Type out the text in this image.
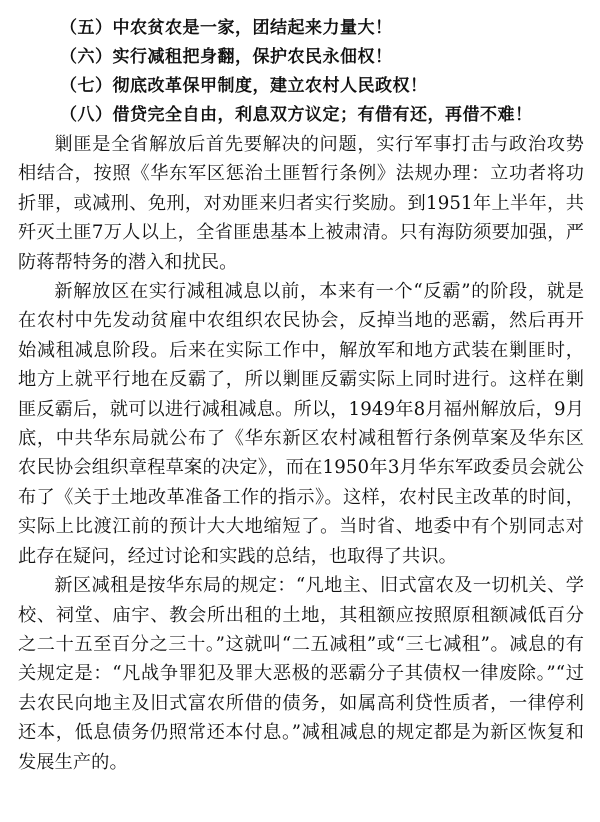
（五）中农贫农是一家，团结起来力量大！
（六）实行减租把身翻，保护农民永佃权！
（七）彻底改革保甲制度，建立农村人民政权！
（八）借贷完全自由，利息双方议定；有借有还，再借不难！

剿匪是全省解放后首先要解决的问题，实行军事打击与政治攻势相结合，按照《华东军区惩治土匪暂行条例》法规办理：立功者将功折罪，或减刑、免刑，对劝匪来归者实行奖励。到1951年上半年，共歼灭土匪7万人以上，全省匪患基本上被肃清。只有海防须要加强，严防蒋帮特务的潜入和扰民。

新解放区在实行减租减息以前，本来有一个“反霸”的阶段，就是在农村中先发动贫雇中农组织农民协会，反掉当地的恶霸，然后再开始减租减息阶段。后来在实际工作中，解放军和地方武装在剿匪时，地方上就平行地在反霸了，所以剿匪反霸实际上同时进行。这样在剿匪反霸后，就可以进行减租减息。所以，1949年8月福州解放后，9月底，中共华东局就公布了《华东新区农村减租暂行条例草案及华东区农民协会组织章程草案的决定》，而在1950年3月华东军政委员会就公布了《关于土地改革准备工作的指示》。这样，农村民主改革的时间，实际上比渡江前的预计大大地缩短了。当时省、地委中有个别同志对此存在疑问，经过讨论和实践的总结，也取得了共识。

新区减租是按华东局的规定：“凡地主、旧式富农及一切机关、学校、祠堂、庙宇、教会所出租的土地，其租额应按照原租额减低百分之二十五至百分之三十。”这就叫“二五减租”或“三七减租”。减息的有关规定是：“凡战争罪犯及罪大恶极的恶霸分子其债权一律废除。”“过去农民向地主及旧式富农所借的债务，如属高利贷性质者，一律停利还本，低息债务仍照常还本付息。”减租减息的规定都是为新区恢复和发展生产的。
